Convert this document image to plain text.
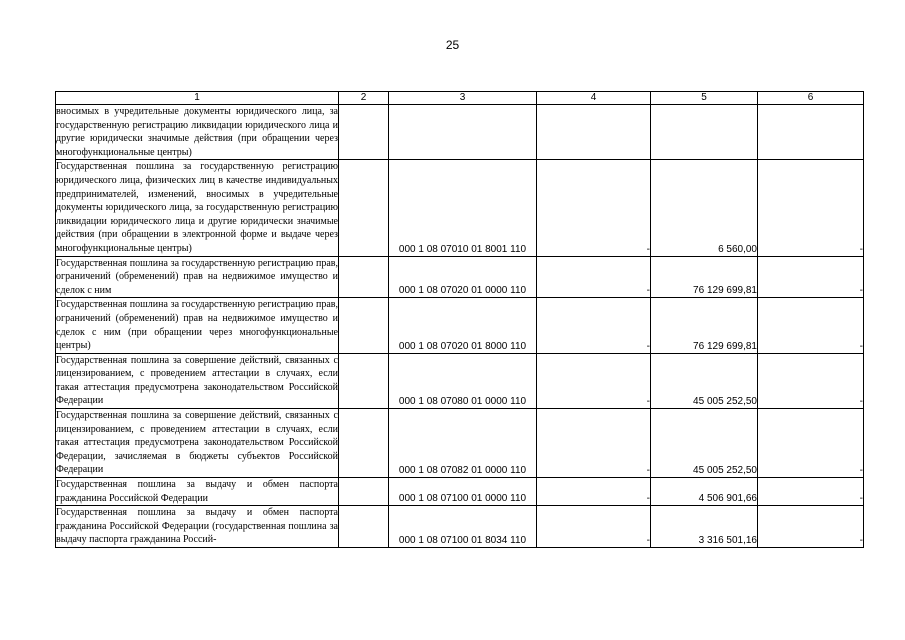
25
1	2	3	4	5	6
вносимых в учредительные документы юридического лица, за государственную регистрацию ликвидации юридического лица и другие юридически значимые действия (при обращении через многофункциональные центры)					
Государственная пошлина за государственную регистрацию юридического лица, физических лиц в качестве индивидуальных предпринимателей, изменений, вносимых в учредительные документы юридического лица, за государственную регистрацию ликвидации юридического лица и другие юридически значимые действия (при обращении в электронной форме и выдаче через многофункциональные центры)		000 1 08 07010 01 8001 110	-	6 560,00	-
Государственная пошлина за государственную регистрацию прав, ограничений (обременений) прав на недвижимое имущество и сделок с ним		000 1 08 07020 01 0000 110	-	76 129 699,81	-
Государственная пошлина за государственную регистрацию прав, ограничений (обременений) прав на недвижимое имущество и сделок с ним (при обращении через многофункциональные центры)		000 1 08 07020 01 8000 110	-	76 129 699,81	-
Государственная пошлина за совершение действий, связанных с лицензированием, с проведением аттестации в случаях, если такая аттестация предусмотрена законодательством Российской Федерации		000 1 08 07080 01 0000 110	-	45 005 252,50	-
Государственная пошлина за совершение действий, связанных с лицензированием, с проведением аттестации в случаях, если такая аттестация предусмотрена законодательством Российской Федерации, зачисляемая в бюджеты субъектов Российской Федерации		000 1 08 07082 01 0000 110	-	45 005 252,50	-
Государственная пошлина за выдачу и обмен паспорта гражданина Российской Федерации		000 1 08 07100 01 0000 110	-	4 506 901,66	-
Государственная пошлина за выдачу и обмен паспорта гражданина Российской Федерации (государственная пошлина за выдачу паспорта гражданина Россий-		000 1 08 07100 01 8034 110	-	3 316 501,16	-
